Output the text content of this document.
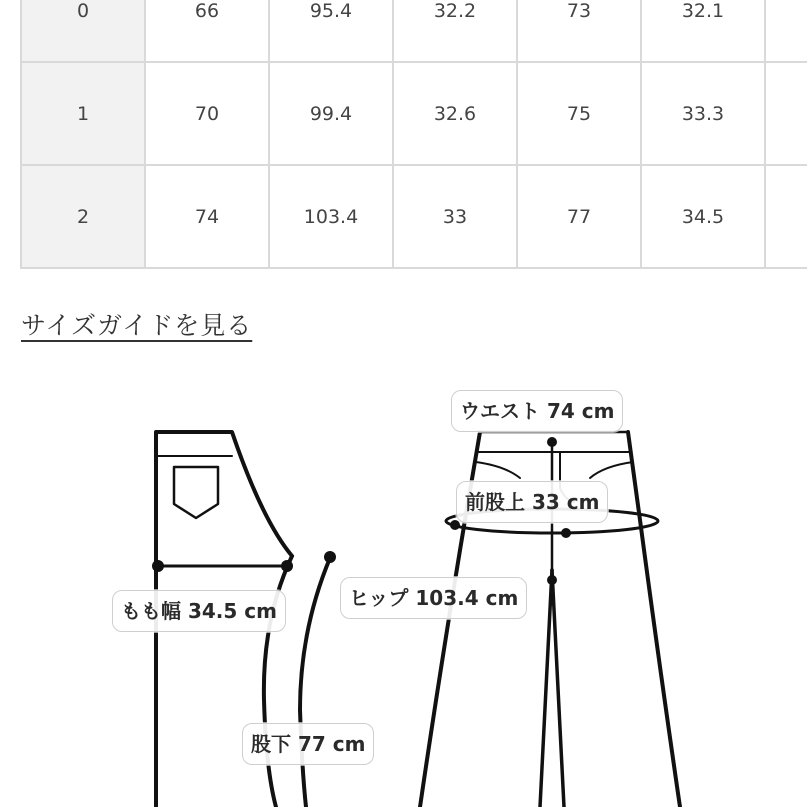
0	66	95.4	32.2	73	32.1	
1	70	99.4	32.6	75	33.3	
2	74	103.4	33	77	34.5	
サイズガイドを見る
ウエスト 74 cm
前股上 33 cm
ヒップ 103.4 cm
もも幅 34.5 cm
股下 77 cm
